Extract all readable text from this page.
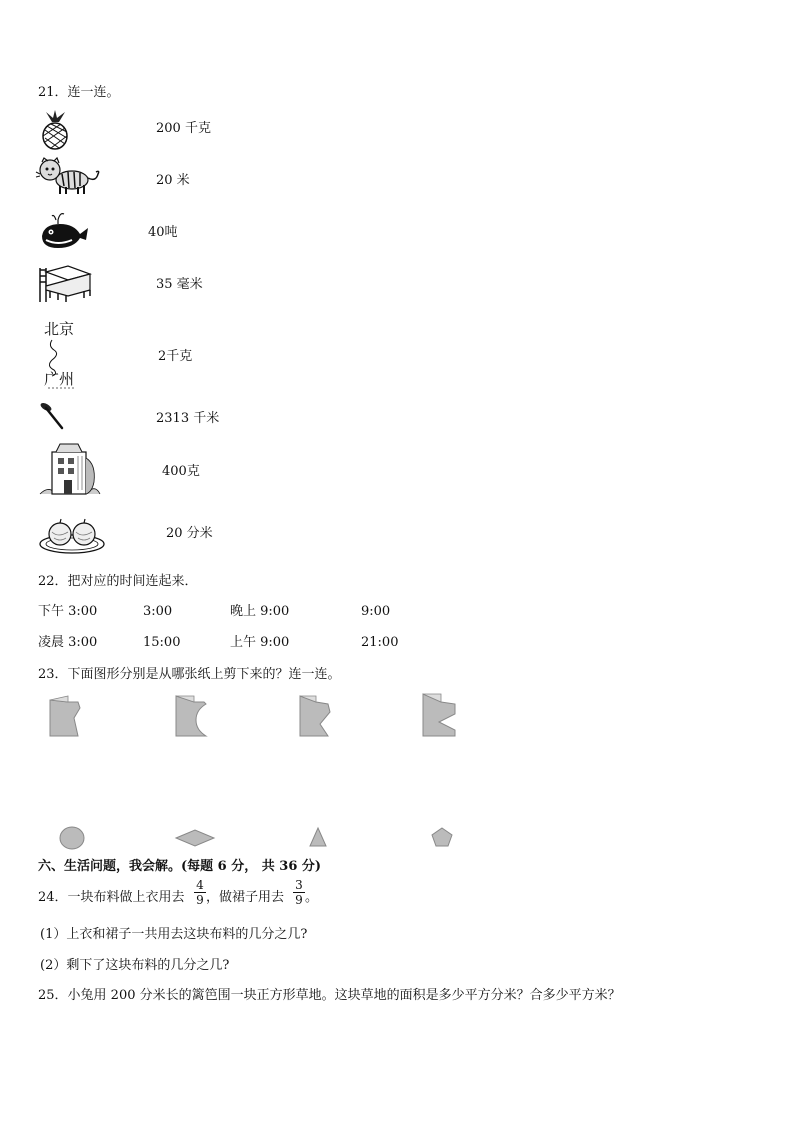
21．连一连。
200 千克
20 米
40吨
35 毫米
北京
广州
2千克
2313 千米
400克
20 分米
22．把对应的时间连起来．
下午 3:00	3:00	晚上 9:00	9:00
凌晨 3:00	15:00	上午 9:00	21:00
23．下面图形分别是从哪张纸上剪下来的？连一连。
六、生活问题，我会解。(每题 6 分， 共 36 分)
24．一块布料做上衣用去 $\frac{4}{9}$ ，做裙子用去 $\frac{3}{9}$ 。
(1）上衣和裙子一共用去这块布料的几分之几?
(2）剩下了这块布料的几分之几?
25．小兔用 200 分米长的篱笆围一块正方形草地。这块草地的面积是多少平方分米？合多少平方米？
